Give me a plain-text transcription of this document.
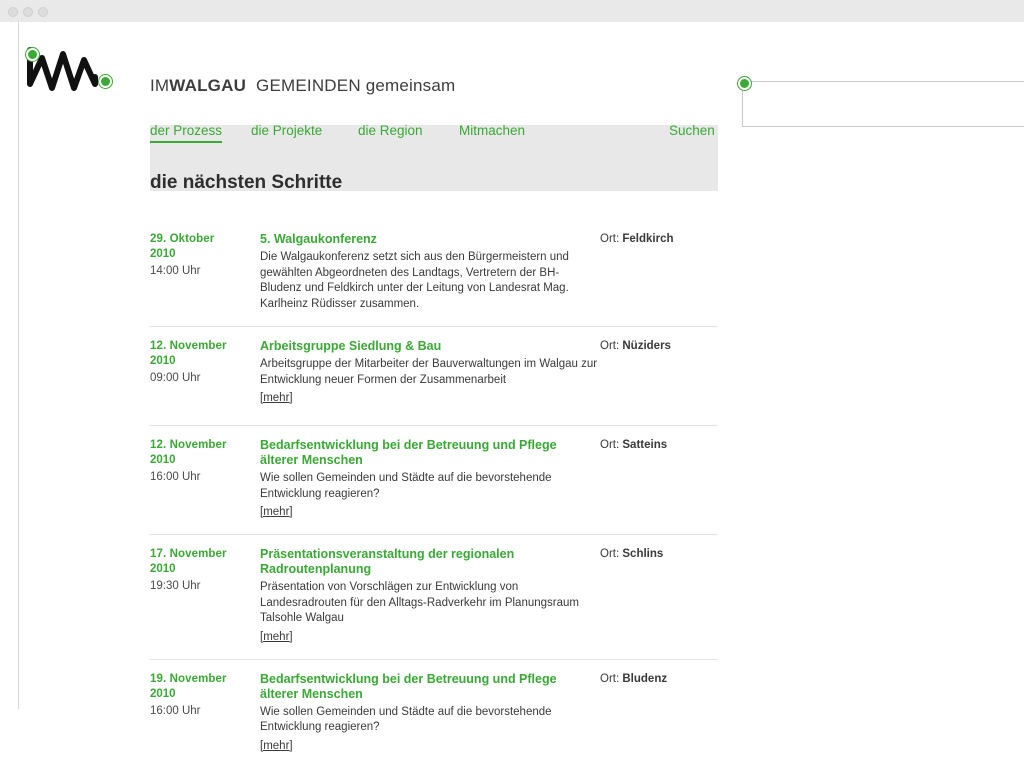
IMWALGAU GEMEINDEN gemeinsam
die nächsten Schritte
der Prozess die Projekte	die Region	Mitmachen	Suchen
29. Oktober
2010
14:00 Uhr
5. Walgaukonferenz
Die Walgaukonferenz setzt sich aus den Bürgermeistern und gewählten Abgeordneten des Landtags, Vertretern der BH-Bludenz und Feldkirch unter der Leitung von Landesrat Mag. Karlheinz Rüdisser zusammen.
Ort: Feldkirch
12. November
2010
09:00 Uhr
Arbeitsgruppe Siedlung & Bau
Arbeitsgruppe der Mitarbeiter der Bauverwaltungen im Walgau zur Entwicklung neuer Formen der Zusammenarbeit
[mehr]
Ort: Nüziders
12. November
2010
16:00 Uhr
Bedarfsentwicklung bei der Betreuung und Pflege älterer Menschen
Wie sollen Gemeinden und Städte auf die bevorstehende Entwicklung reagieren?
[mehr]
Ort: Satteins
17. November
2010
19:30 Uhr
Präsentationsveranstaltung der regionalen Radroutenplanung
Präsentation von Vorschlägen zur Entwicklung von Landesradrouten für den Alltags-Radverkehr im Planungsraum Talsohle Walgau
[mehr]
Ort: Schlins
19. November
2010
16:00 Uhr
Bedarfsentwicklung bei der Betreuung und Pflege älterer Menschen
Wie sollen Gemeinden und Städte auf die bevorstehende Entwicklung reagieren?
[mehr]
Ort: Bludenz
